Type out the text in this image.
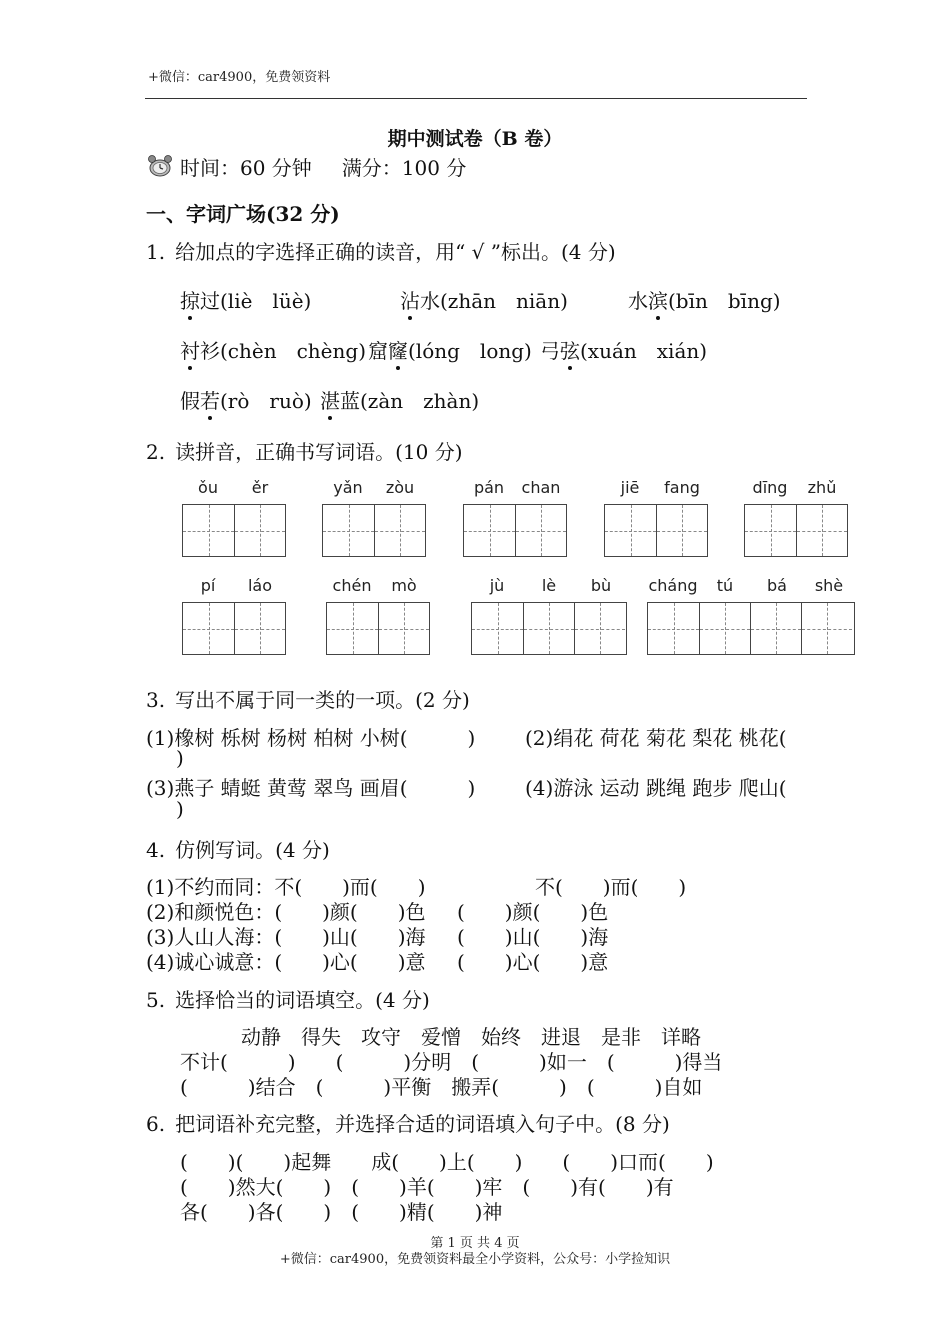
+微信：car4900，免费领资料
期中测试卷（B 卷）
时间：60 分钟 满分：100 分
一、字词广场(32 分)
1. 给加点的字选择正确的读音，用“ √ ”标出。(4 分)
掠过(liè　lüè)	沾水(zhān　niān)	水滨(bīn　bīng)
衬衫(chèn　chèng) 窟窿(lóng　long) 弓弦(xuán　xián)
假若(rò　ruò) 湛蓝(zàn　zhàn)
2. 读拼音，正确书写词语。(10 分)
ǒu	ěr	yǎn	zòu	pán	chan	jiē	fang	dīng	zhǔ
pí	láo	chén	mò	jù	lè	bù	cháng	tú	bá	shè
3. 写出不属于同一类的一项。(2 分)
(1)橡树 栎树 杨树 柏树 小树(　　　) (2)绢花 荷花 菊花 梨花 桃花(
)
(3)燕子 蜻蜓 黄莺 翠鸟 画眉(　　　) (4)游泳 运动 跳绳 跑步 爬山(
)
4. 仿例写词。(4 分)
(1)不约而同：不(　　)而(　　)	不(　　)而(　　)
(2)和颜悦色：(　　)颜(　　)色 (　　)颜(　　)色
(3)人山人海：(　　)山(　　)海 (　　)山(　　)海
(4)诚心诚意：(　　)心(　　)意 (　　)心(　　)意
5. 选择恰当的词语填空。(4 分)
动静　得失　攻守　爱憎　始终　进退　是非　详略
不计(　　　)　　(　　　)分明　(　　　)如一　(　　　)得当
(　　　)结合　(　　　)平衡　搬弄(　　　)　(　　　)自如
6. 把词语补充完整，并选择合适的词语填入句子中。(8 分)
(　　)(　　)起舞　　成(　　)上(　　)　　(　　)口而(　　)
(　　)然大(　　)　(　　)羊(　　)牢　(　　)有(　　)有
各(　　)各(　　)　(　　)精(　　)神
第 1 页 共 4 页
+微信：car4900，免费领资料最全小学资料，公众号：小学捡知识
